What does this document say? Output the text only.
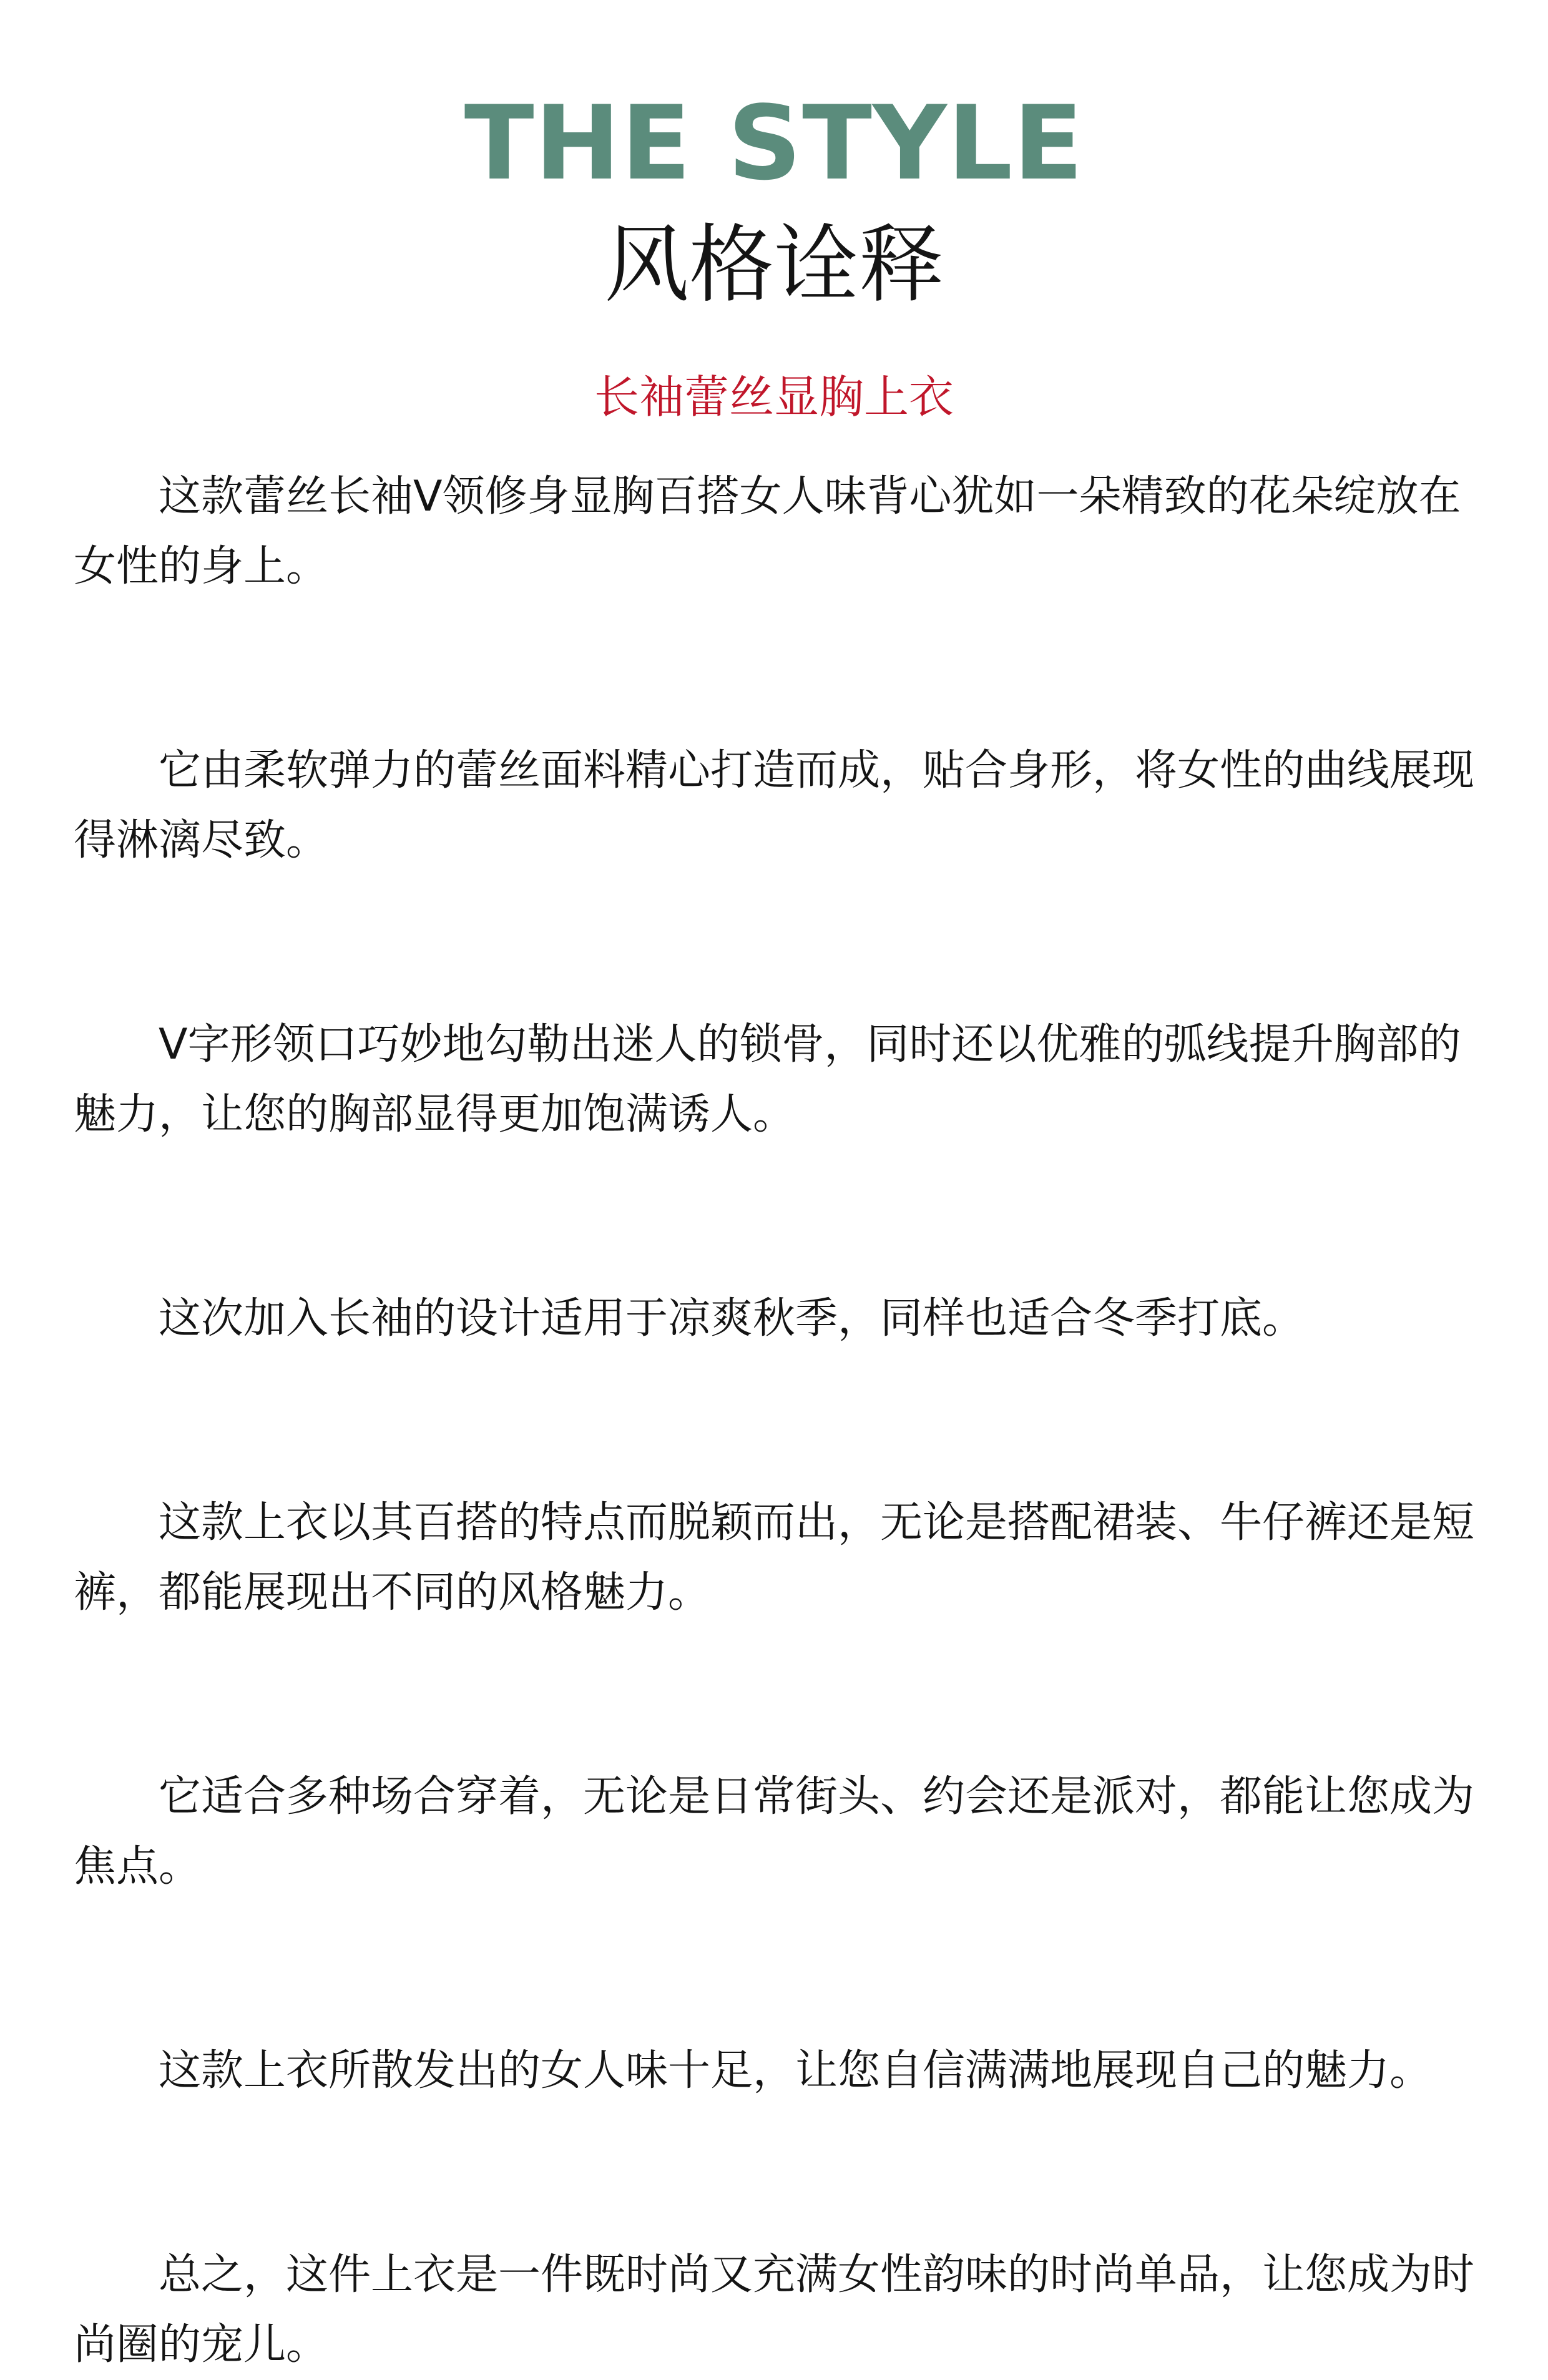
THE STYLE
风格诠释
长袖蕾丝显胸上衣

这款蕾丝长袖V领修身显胸百搭女人味背心犹如一朵精致的花朵绽放在女性的身上。

它由柔软弹力的蕾丝面料精心打造而成，贴合身形，将女性的曲线展现得淋漓尽致。

V字形领口巧妙地勾勒出迷人的锁骨，同时还以优雅的弧线提升胸部的魅力，让您的胸部显得更加饱满诱人。

这次加入长袖的设计适用于凉爽秋季，同样也适合冬季打底。

这款上衣以其百搭的特点而脱颖而出，无论是搭配裙装、牛仔裤还是短裤，都能展现出不同的风格魅力。

它适合多种场合穿着，无论是日常街头、约会还是派对，都能让您成为焦点。

这款上衣所散发出的女人味十足，让您自信满满地展现自己的魅力。

总之，这件上衣是一件既时尚又充满女性韵味的时尚单品，让您成为时尚圈的宠儿。
